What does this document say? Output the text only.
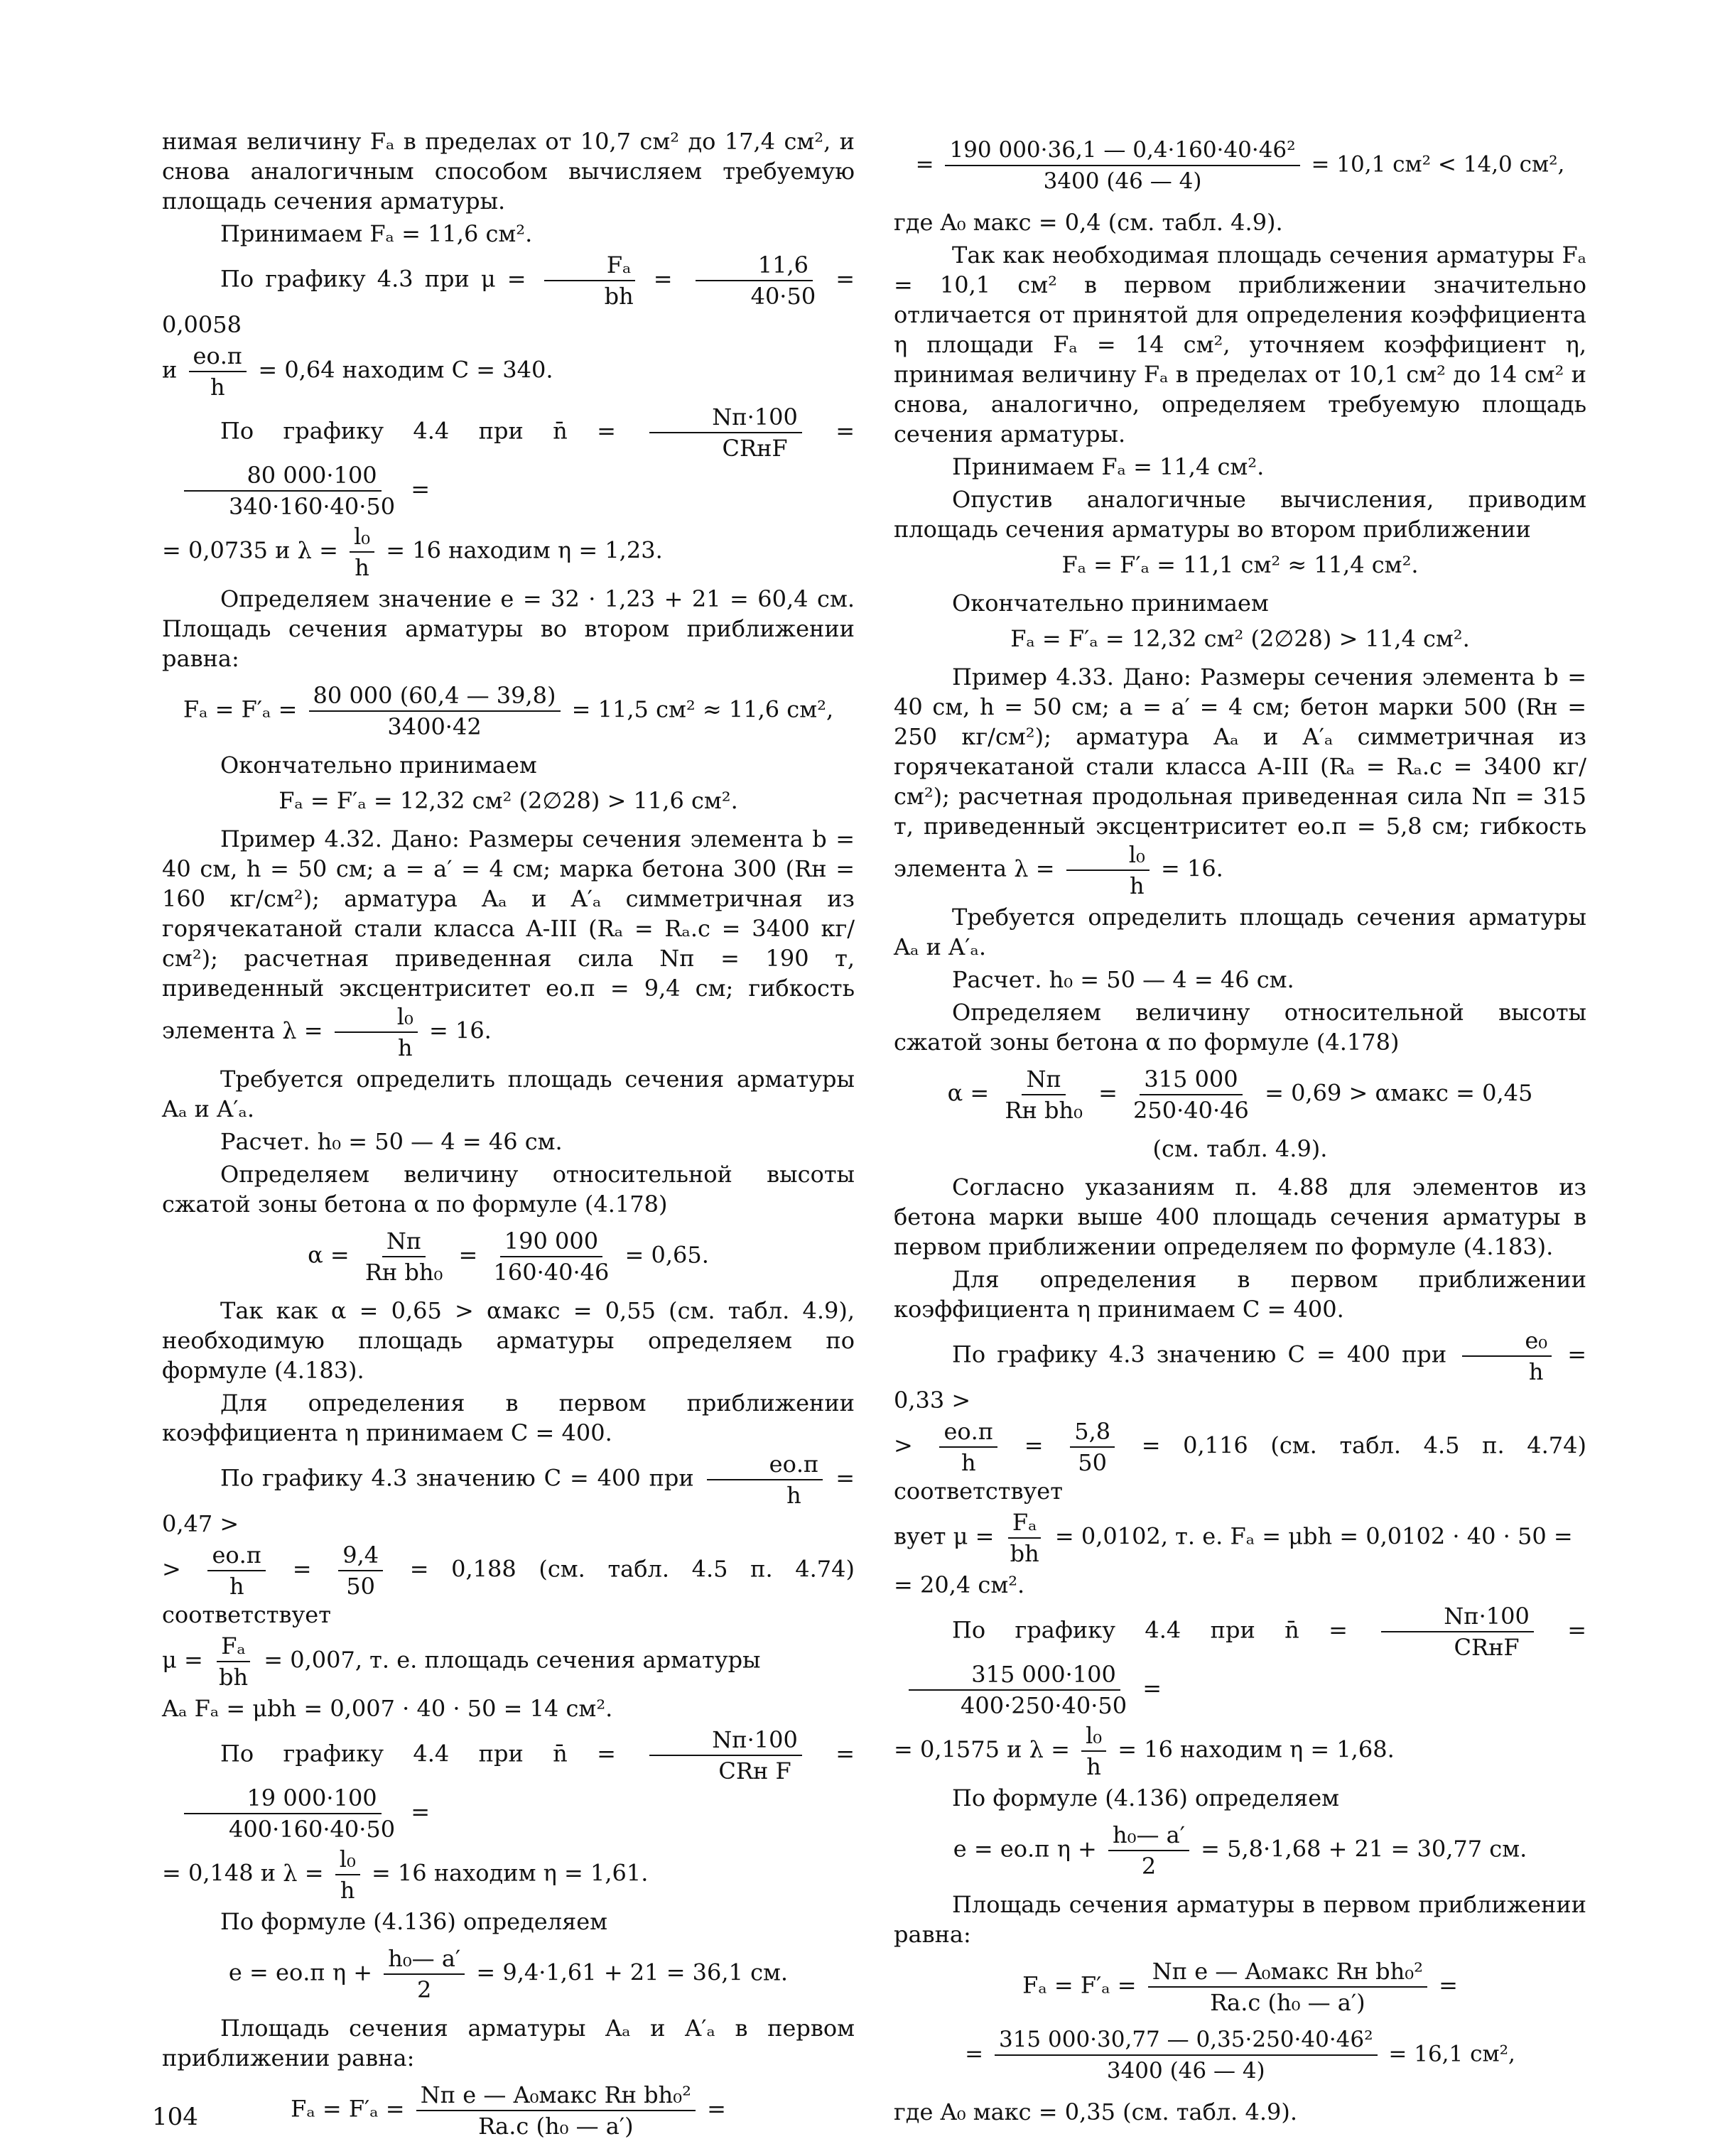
нимая величину Fₐ в пределах от 10,7 см² до 17,4 см², и снова аналогичным способом вычисляем требуемую площадь сечения арматуры.

Принимаем Fₐ = 11,6 см².

По графику 4.3 при $\mu = \frac{\text{Fₐ}}{bh} = \frac{11,6}{40\cdot 50} = 0,0058$
и $\frac{eо.п}{h} = 0,64$ находим C = 340.
По графику 4.4 при n̄ = $\frac{Nп\cdot 100}{\text{CRнF}}$ =
$\frac{80 000\cdot 100}{340\cdot 160\cdot 40\cdot 50}$ =
= 0,0735 и $\lambda = \frac{\text{l₀}}{h} = 16$ находим η = 1,23.

Определяем значение e = 32 · 1,23 + 21 = 60,4 см. Площадь сечения арматуры во втором приближении равна:

$F_a = F'_a = \frac{80 000 (60,4 — 39,8)}{3400\cdot 42} = 11,5$ см² ≈ 11,6 см²,

Окончательно принимаем

Fₐ = F′ₐ = 12,32 см² (2∅28) > 11,6 см².

Пример 4.32. Дано: Размеры сечения элемента b = 40 см, h = 50 см; a = a′ = 4 см; марка бетона 300 (Rн = 160 кг/см²); арматура Aₐ и A′ₐ симметричная из горячекатаной стали класса A-III (Rₐ = Rₐ.c = 3400 кг/см²); расчетная приведенная сила Nп = 190 т, приведенный эксцентриситет eо.п = 9,4 см; гибкость элемента $\lambda = \frac{\text{l₀}}{h} = 16$.

Требуется определить площадь сечения арматуры Aₐ и A′ₐ.

Расчет. h₀ = 50 — 4 = 46 см.

Определяем величину относительной высоты сжатой зоны бетона α по формуле (4.178)

$\alpha = \frac{Nп}{\text{Rн bh₀}} = \frac{190 000}{160\cdot 40\cdot 46} = 0,65$.

Так как α = 0,65 > αмакс = 0,55 (см. табл. 4.9), необходимую площадь арматуры определяем по формуле (4.183).

Для определения в первом приближении коэффициента η принимаем C = 400.

По графику 4.3 значению C = 400 при $\frac{eо.п}{h} = 0,47$ >
> $\frac{eо.п}{h} = \frac{9,4}{50} = 0,188$ (см. табл. 4.5 п. 4.74) соответствует
$\mu = \frac{\text{Fₐ}}{bh} = 0,007$, т. е. площадь сечения арматуры

Aₐ Fₐ = μbh = 0,007 · 40 · 50 = 14 см².

По графику 4.4 при n̄ = $\frac{Nп\cdot 100}{\text{CRн F}}$ =
$\frac{19 000\cdot 100}{400\cdot 160\cdot 40\cdot 50}$ =
= 0,148 и $\lambda = \frac{\text{l₀}}{h} = 16$ находим η = 1,61.

По формуле (4.136) определяем

e = eо.п $\eta + \frac{\text{h₀— a′}}{2} = 9,4\cdot 1,61 + 21 = 36,1$ см.

Площадь сечения арматуры Aₐ и A′ₐ в первом приближении равна:

$F_a = F'_a = \frac{\text{Nп e — A₀макс Rн bh₀²}}{\text{Rа.с (h₀ — a′)}}$ =
= $\frac{\text{190 000·36,1 — 0,4·160·40·46²}}{3400 (46 — 4)} = 10,1$ см² < 14,0 см²,

где A₀ макс = 0,4 (см. табл. 4.9).

Так как необходимая площадь сечения арматуры Fₐ = 10,1 см² в первом приближении значительно отличается от принятой для определения коэффициента η площади Fₐ = 14 см², уточняем коэффициент η, принимая величину Fₐ в пределах от 10,1 см² до 14 см² и снова, аналогично, определяем требуемую площадь сечения арматуры.

Принимаем Fₐ = 11,4 см².

Опустив аналогичные вычисления, приводим площадь сечения арматуры во втором приближении

Fₐ = F′ₐ = 11,1 см² ≈ 11,4 см².

Окончательно принимаем

Fₐ = F′ₐ = 12,32 см² (2∅28) > 11,4 см².

Пример 4.33. Дано: Размеры сечения элемента b = 40 см, h = 50 см; a = a′ = 4 см; бетон марки 500 (Rн = 250 кг/см²); арматура Aₐ и A′ₐ симметричная из горячекатаной стали класса A-III (Rₐ = Rₐ.c = 3400 кг/см²); расчетная продольная приведенная сила Nп = 315 т, приведенный эксцентриситет eо.п = 5,8 см; гибкость элемента $\lambda = \frac{\text{l₀}}{h} = 16$.

Требуется определить площадь сечения арматуры Aₐ и A′ₐ.

Расчет. h₀ = 50 — 4 = 46 см.

Определяем величину относительной высоты сжатой зоны бетона α по формуле (4.178)

$\alpha = \frac{Nп}{\text{Rн bh₀}} = \frac{315 000}{250\cdot 40\cdot 46} = 0,69$ > αмакс = 0,45

(см. табл. 4.9).

Согласно указаниям п. 4.88 для элементов из бетона марки выше 400 площадь сечения арматуры в первом приближении определяем по формуле (4.183).

Для определения в первом приближении коэффициента η принимаем C = 400.

По графику 4.3 значению C = 400 при $\frac{\text{e₀}}{h} = 0,33$ >
> $\frac{eо.п}{h} = \frac{5,8}{50} = 0,116$ (см. табл. 4.5 п. 4.74) соответствует
вует $\mu = \frac{\text{Fₐ}}{bh} = 0,0102$, т. е. Fₐ = μbh = 0,0102 · 40 · 50 =

= 20,4 см².

По графику 4.4 при n̄ = $\frac{Nп\cdot 100}{\text{CRнF}}$ =
$\frac{315 000\cdot 100}{400\cdot 250\cdot 40\cdot 50}$ =
= 0,1575 и $\lambda = \frac{\text{l₀}}{h} = 16$ находим η = 1,68.

По формуле (4.136) определяем

e = eо.п $\eta + \frac{\text{h₀— a′}}{2} = 5,8\cdot 1,68 + 21 = 30,77$ см.

Площадь сечения арматуры в первом приближении равна:

$F_a = F'_a = \frac{\text{Nп e — A₀макс Rн bh₀²}}{\text{Rа.с (h₀ — a′)}}$ =
= $\frac{\text{315 000·30,77 — 0,35·250·40·46²}}{3400 (46 — 4)} = 16,1$ см²,

где A₀ макс = 0,35 (см. табл. 4.9).

104
